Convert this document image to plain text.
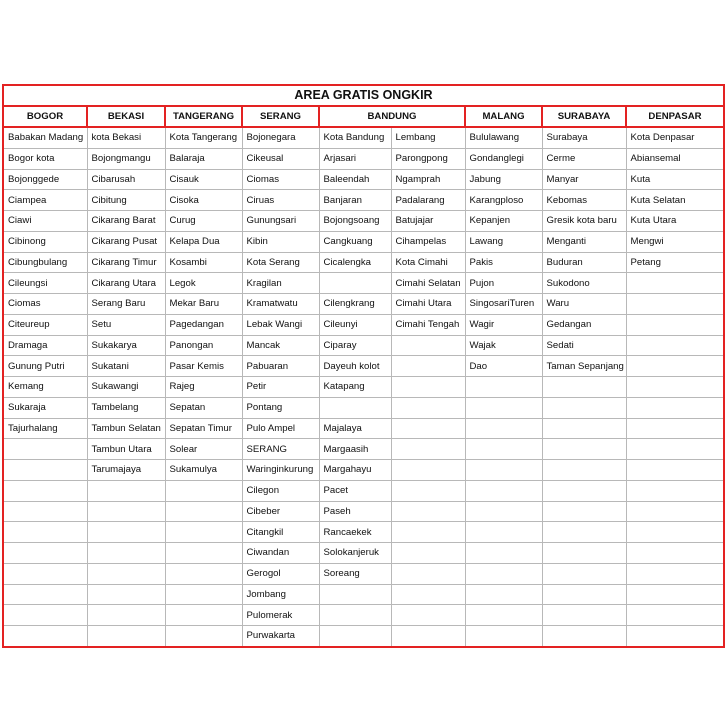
AREA GRATIS ONGKIR								
BOGOR	BEKASI	TANGERANG	SERANG	BANDUNG		MALANG	SURABAYA	DENPASAR
Babakan Madang	kota Bekasi	Kota Tangerang	Bojonegara	Kota Bandung	Lembang	Bululawang	Surabaya	Kota Denpasar
Bogor kota	Bojongmangu	Balaraja	Cikeusal	Arjasari	Parongpong	Gondanglegi	Cerme	Abiansemal
Bojonggede	Cibarusah	Cisauk	Ciomas	Baleendah	Ngamprah	Jabung	Manyar	Kuta
Ciampea	Cibitung	Cisoka	Ciruas	Banjaran	Padalarang	Karangploso	Kebomas	Kuta Selatan
Ciawi	Cikarang Barat	Curug	Gunungsari	Bojongsoang	Batujajar	Kepanjen	Gresik kota baru	Kuta Utara
Cibinong	Cikarang Pusat	Kelapa Dua	Kibin	Cangkuang	Cihampelas	Lawang	Menganti	Mengwi
Cibungbulang	Cikarang Timur	Kosambi	Kota Serang	Cicalengka	Kota Cimahi	Pakis	Buduran	Petang
Cileungsi	Cikarang Utara	Legok	Kragilan		Cimahi Selatan	Pujon	Sukodono	
Ciomas	Serang Baru	Mekar Baru	Kramatwatu	Cilengkrang	Cimahi Utara	SingosariTuren	Waru	
Citeureup	Setu	Pagedangan	Lebak Wangi	Cileunyi	Cimahi Tengah	Wagir	Gedangan	
Dramaga	Sukakarya	Panongan	Mancak	Ciparay		Wajak	Sedati	
Gunung Putri	Sukatani	Pasar Kemis	Pabuaran	Dayeuh kolot		Dao	Taman Sepanjang	
Kemang	Sukawangi	Rajeg	Petir	Katapang				
Sukaraja	Tambelang	Sepatan	Pontang					
Tajurhalang	Tambun Selatan	Sepatan Timur	Pulo Ampel	Majalaya				
	Tambun Utara	Solear	SERANG	Margaasih				
	Tarumajaya	Sukamulya	Waringinkurung	Margahayu				
			Cilegon	Pacet				
			Cibeber	Paseh				
			Citangkil	Rancaekek				
			Ciwandan	Solokanjeruk				
			Gerogol	Soreang				
			Jombang					
			Pulomerak					
			Purwakarta					
